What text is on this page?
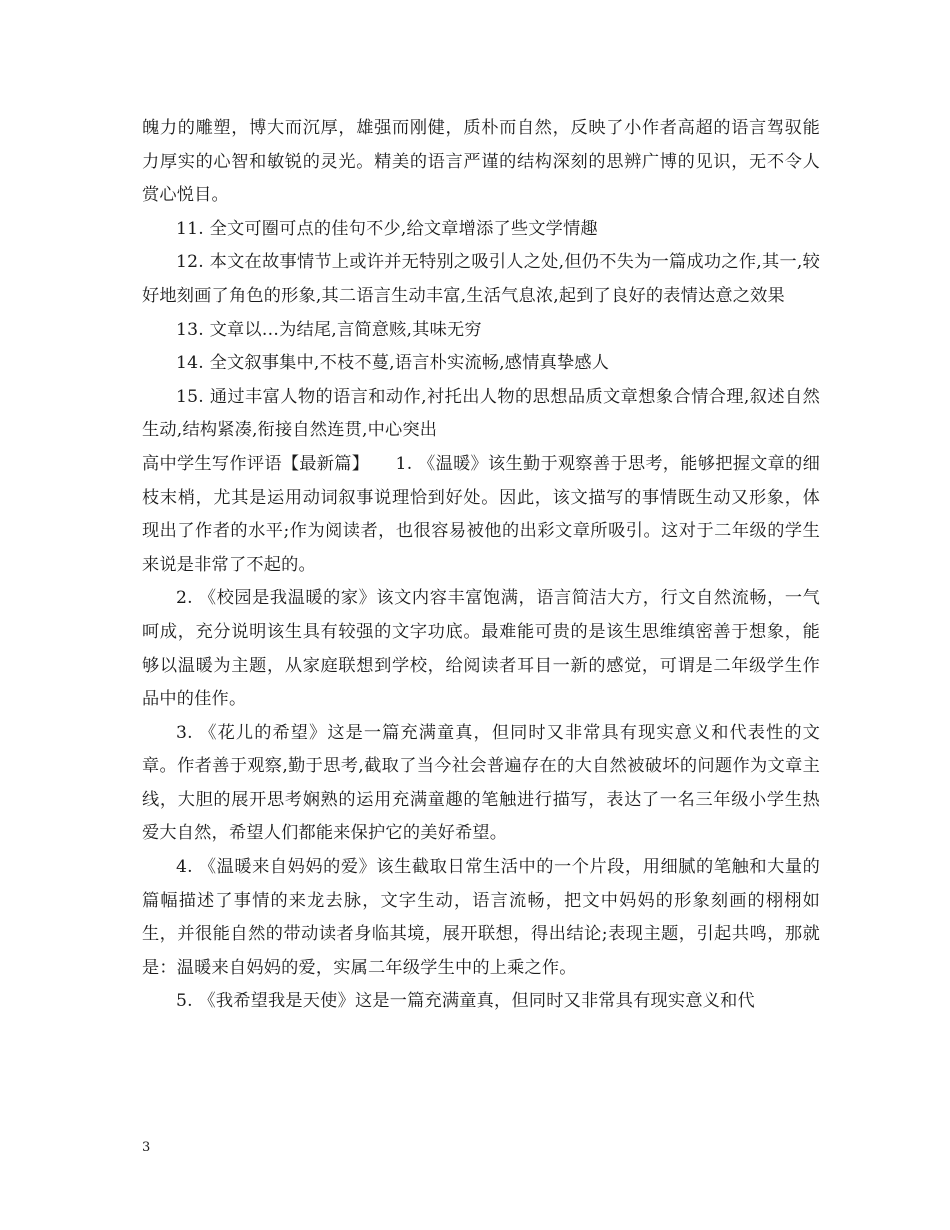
魄力的雕塑，博大而沉厚，雄强而刚健，质朴而自然，反映了小作者高超的语言驾驭能力厚实的心智和敏锐的灵光。精美的语言严谨的结构深刻的思辨广博的见识，无不令人赏心悦目。

11. 全文可圈可点的佳句不少,给文章增添了些文学情趣

12. 本文在故事情节上或许并无特别之吸引人之处,但仍不失为一篇成功之作,其一,较好地刻画了角色的形象,其二语言生动丰富,生活气息浓,起到了良好的表情达意之效果

13. 文章以…为结尾,言简意赅,其味无穷

14. 全文叙事集中,不枝不蔓,语言朴实流畅,感情真挚感人

15. 通过丰富人物的语言和动作,衬托出人物的思想品质文章想象合情合理,叙述自然生动,结构紧凑,衔接自然连贯,中心突出

高中学生写作评语【最新篇】　　1. 《温暖》该生勤于观察善于思考，能够把握文章的细枝末梢，尤其是运用动词叙事说理恰到好处。因此，该文描写的事情既生动又形象，体现出了作者的水平;作为阅读者，也很容易被他的出彩文章所吸引。这对于二年级的学生来说是非常了不起的。

2. 《校园是我温暖的家》该文内容丰富饱满，语言简洁大方，行文自然流畅，一气呵成，充分说明该生具有较强的文字功底。最难能可贵的是该生思维缜密善于想象，能够以温暖为主题，从家庭联想到学校，给阅读者耳目一新的感觉，可谓是二年级学生作品中的佳作。

3. 《花儿的希望》这是一篇充满童真，但同时又非常具有现实意义和代表性的文章。作者善于观察,勤于思考,截取了当今社会普遍存在的大自然被破坏的问题作为文章主线，大胆的展开思考娴熟的运用充满童趣的笔触进行描写，表达了一名三年级小学生热爱大自然，希望人们都能来保护它的美好希望。

4. 《温暖来自妈妈的爱》该生截取日常生活中的一个片段，用细腻的笔触和大量的篇幅描述了事情的来龙去脉，文字生动，语言流畅，把文中妈妈的形象刻画的栩栩如生，并很能自然的带动读者身临其境，展开联想，得出结论;表现主题，引起共鸣，那就是：温暖来自妈妈的爱，实属二年级学生中的上乘之作。

5. 《我希望我是天使》这是一篇充满童真，但同时又非常具有现实意义和代

3
